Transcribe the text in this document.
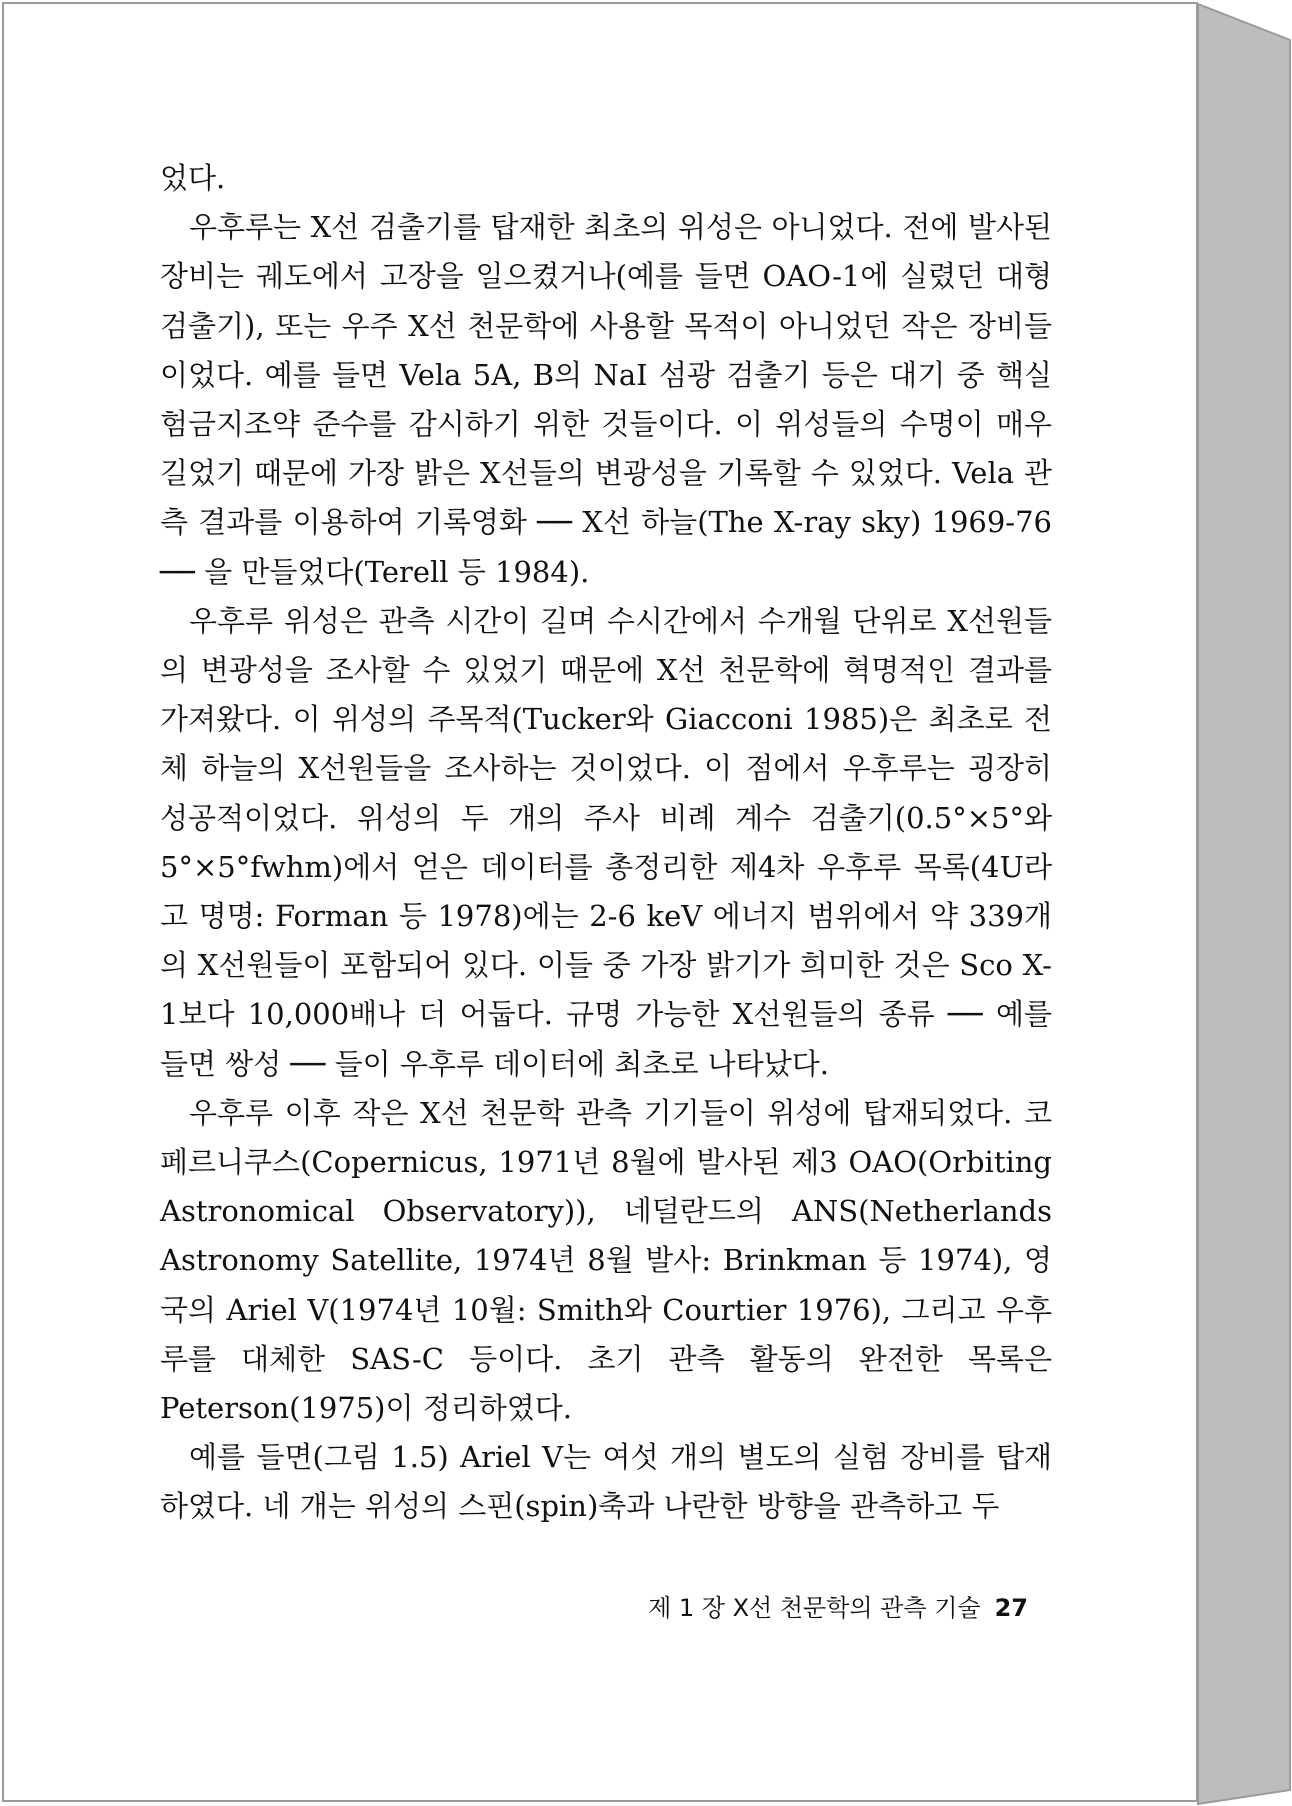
었다.

우후루는 X선 검출기를 탑재한 최초의 위성은 아니었다. 전에 발사된 장비는 궤도에서 고장을 일으켰거나(예를 들면 OAO-1에 실렸던 대형 검출기), 또는 우주 X선 천문학에 사용할 목적이 아니었던 작은 장비들이었다. 예를 들면 Vela 5A, B의 NaI 섬광 검출기 등은 대기 중 핵실험금지조약 준수를 감시하기 위한 것들이다. 이 위성들의 수명이 매우 길었기 때문에 가장 밝은 X선들의 변광성을 기록할 수 있었다. Vela 관측 결과를 이용하여 기록영화 ── X선 하늘(The X-ray sky) 1969-76 ── 을 만들었다(Terell 등 1984).

우후루 위성은 관측 시간이 길며 수시간에서 수개월 단위로 X선원들의 변광성을 조사할 수 있었기 때문에 X선 천문학에 혁명적인 결과를 가져왔다. 이 위성의 주목적(Tucker와 Giacconi 1985)은 최초로 전체 하늘의 X선원들을 조사하는 것이었다. 이 점에서 우후루는 굉장히 성공적이었다. 위성의 두 개의 주사 비례 계수 검출기(0.5°×5°와 5°×5°fwhm)에서 얻은 데이터를 총정리한 제4차 우후루 목록(4U라고 명명: Forman 등 1978)에는 2-6 keV 에너지 범위에서 약 339개의 X선원들이 포함되어 있다. 이들 중 가장 밝기가 희미한 것은 Sco X-1보다 10,000배나 더 어둡다. 규명 가능한 X선원들의 종류 ── 예를 들면 쌍성 ── 들이 우후루 데이터에 최초로 나타났다.

우후루 이후 작은 X선 천문학 관측 기기들이 위성에 탑재되었다. 코페르니쿠스(Copernicus, 1971년 8월에 발사된 제3 OAO(Orbiting Astronomical Observatory)), 네덜란드의 ANS(Netherlands Astronomy Satellite, 1974년 8월 발사: Brinkman 등 1974), 영국의 Ariel V(1974년 10월: Smith와 Courtier 1976), 그리고 우후루를 대체한 SAS-C 등이다. 초기 관측 활동의 완전한 목록은 Peterson(1975)이 정리하였다.

예를 들면(그림 1.5) Ariel V는 여섯 개의 별도의 실험 장비를 탑재하였다. 네 개는 위성의 스핀(spin)축과 나란한 방향을 관측하고 두

제 1 장 X선 천문학의 관측 기술 27
